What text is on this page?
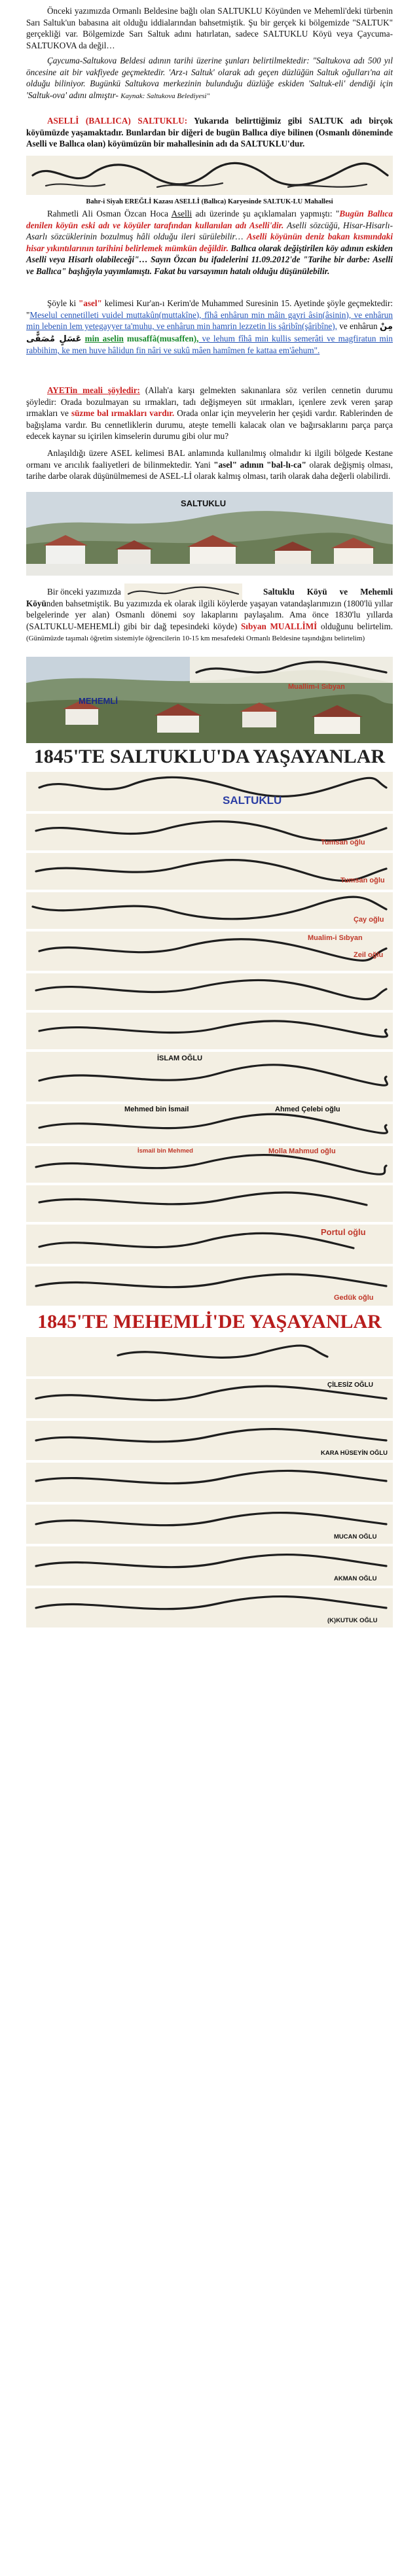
Önceki yazımızda Ormanlı Beldesine bağlı olan SALTUKLU Köyünden ve Mehemli'deki türbenin Sarı Saltuk'un babasına ait olduğu iddialarından bahsetmiştik. Şu bir gerçek ki bölgemizde "SALTUK" gerçekliği var. Bölgemizde Sarı Saltuk adını hatırlatan, sadece SALTUKLU Köyü veya Çaycuma-SALTUKOVA da değil…
Çaycuma-Saltukova Beldesi adının tarihi üzerine şunları belirtilmektedir: "Saltukova adı 500 yıl öncesine ait bir vakfiyede geçmektedir. 'Arz-ı Saltuk' olarak adı geçen düzlüğün Saltuk oğulları'na ait olduğu biliniyor. Bugünkü Saltukova merkezinin bulunduğu düzlüğe eskiden 'Saltuk-eli' dendiği için 'Saltuk-ova' adını almıştır- Kaynak: Saltukova Belediyesi"
ASELLİ (BALLICA) SALTUKLU: Yukarıda belirttiğimiz gibi SALTUK adı birçok köyümüzde yaşamaktadır. Bunlardan bir diğeri de bugün Ballıca diye bilinen (Osmanlı döneminde Aselli ve Ballıca olan) köyümüzün bir mahallesinin adı da SALTUKLU'dur.
Bahr-i Siyah EREĞLİ Kazası ASELLİ (Ballıca) Karyesinde SALTUK-LU Mahallesi
Rahmetli Ali Osman Özcan Hoca Aselli adı üzerinde şu açıklamaları yapmıştı: "Bugün Ballıca denilen köyün eski adı ve köyüler tarafından kullanılan adı Aselli'dir. Aselli sözcüğü, Hisar-Hisarlı-Asarlı sözcüklerinin bozulmuş hâli olduğu ileri sürülebilir… Aselli köyünün deniz bakan kısmındaki hisar yıkıntılarının tarihini belirlemek mümkün değildir. Ballıca olarak değiştirilen köy adının eskiden Aselli veya Hisarlı olabileceği"… Sayın Özcan bu ifadelerini 11.09.2012'de "Tarihe bir darbe: Aselli ve Ballıca" başlığıyla yayımlamıştı. Fakat bu varsayımın hatalı olduğu düşünülebilir.
Şöyle ki "asel" kelimesi Kur'an-ı Kerim'de Muhammed Suresinin 15. Ayetinde şöyle geçmektedir: "Meselul cennetilleti vuidel muttakûn(muttakîne), fîhâ enhârun min mâin gayri âsin(âsinin), ve enhârun min lebenin lem yetegayyer ta'muhu, ve enhârun min hamrin lezzetin lis şâribîn(şâribîne), ve enhârun مِنْ عَسَلٍ مُصَفًّى min aselin musaffâ(musaffen), ve lehum fîhâ min kullis semerâti ve magfiratun min rabbihim, ke men huve hâlidun fin nâri ve sukû mâen hamîmen fe kattaa em'âehum".
AYETin meali şöyledir: (Allah'a karşı gelmekten sakınanlara söz verilen cennetin durumu şöyledir: Orada bozulmayan su ırmakları, tadı değişmeyen süt ırmakları, içenlere zevk veren şarap ırmakları ve süzme bal ırmakları vardır. Orada onlar için meyvelerin her çeşidi vardır. Rablerinden de bağışlama vardır. Bu cennetliklerin durumu, ateşte temelli kalacak olan ve bağırsaklarını parça parça edecek kaynar su içirilen kimselerin durumu gibi olur mu?
Anlaşıldığı üzere ASEL kelimesi BAL anlamında kullanılmış olmalıdır ki ilgili bölgede Kestane ormanı ve arıcılık faaliyetleri de bilinmektedir. Yani "asel" adının "bal-lı-ca" olarak değişmiş olması, tarihe darbe olarak düşünülmemesi de ASEL-Lİ olarak kalmış olması, tarih olarak daha değerli olabilirdi.
SALTUKLU
Bir önceki yazımızda	Saltuklu Köyü ve Mehemli Köyünden bahsetmiştik. Bu yazımızda ek olarak ilgili köylerde yaşayan vatandaşlarımızın (1800'lü yıllar belgelerinde yer alan) Osmanlı dönemi soy lakaplarını paylaşalım. Ama önce 1830'lu yıllarda (SALTUKLU-MEHEMLİ) gibi bir dağ tepesindeki köyde) Sıbyan MUALLİMİ olduğunu belirtelim. (Günümüzde taşımalı öğretim sistemiyle öğrencilerin 10-15 km mesafedeki Ormanlı Beldesine taşındığını belirtelim)
Muallim-i Sıbyan
MEHEMLİ
1845'TE SALTUKLU'DA YAŞAYANLAR
SALTUKLU
Tumsan oğlu
Tumsan oğlu
Çay oğlu
Mualim-i Sıbyan
Zeil oğlu
İSLAM OĞLU
Mehmed bin İsmail	Ahmed Çelebi oğlu
İsmail bin Mehmed	Molla Mahmud oğlu
Portul oğlu
Gedük oğlu
1845'TE MEHEMLİ'DE YAŞAYANLAR
ÇİLESİZ OĞLU
KARA HÜSEYİN OĞLU
MUCAN OĞLU
AKMAN OĞLU
(K)KUTUK OĞLU
